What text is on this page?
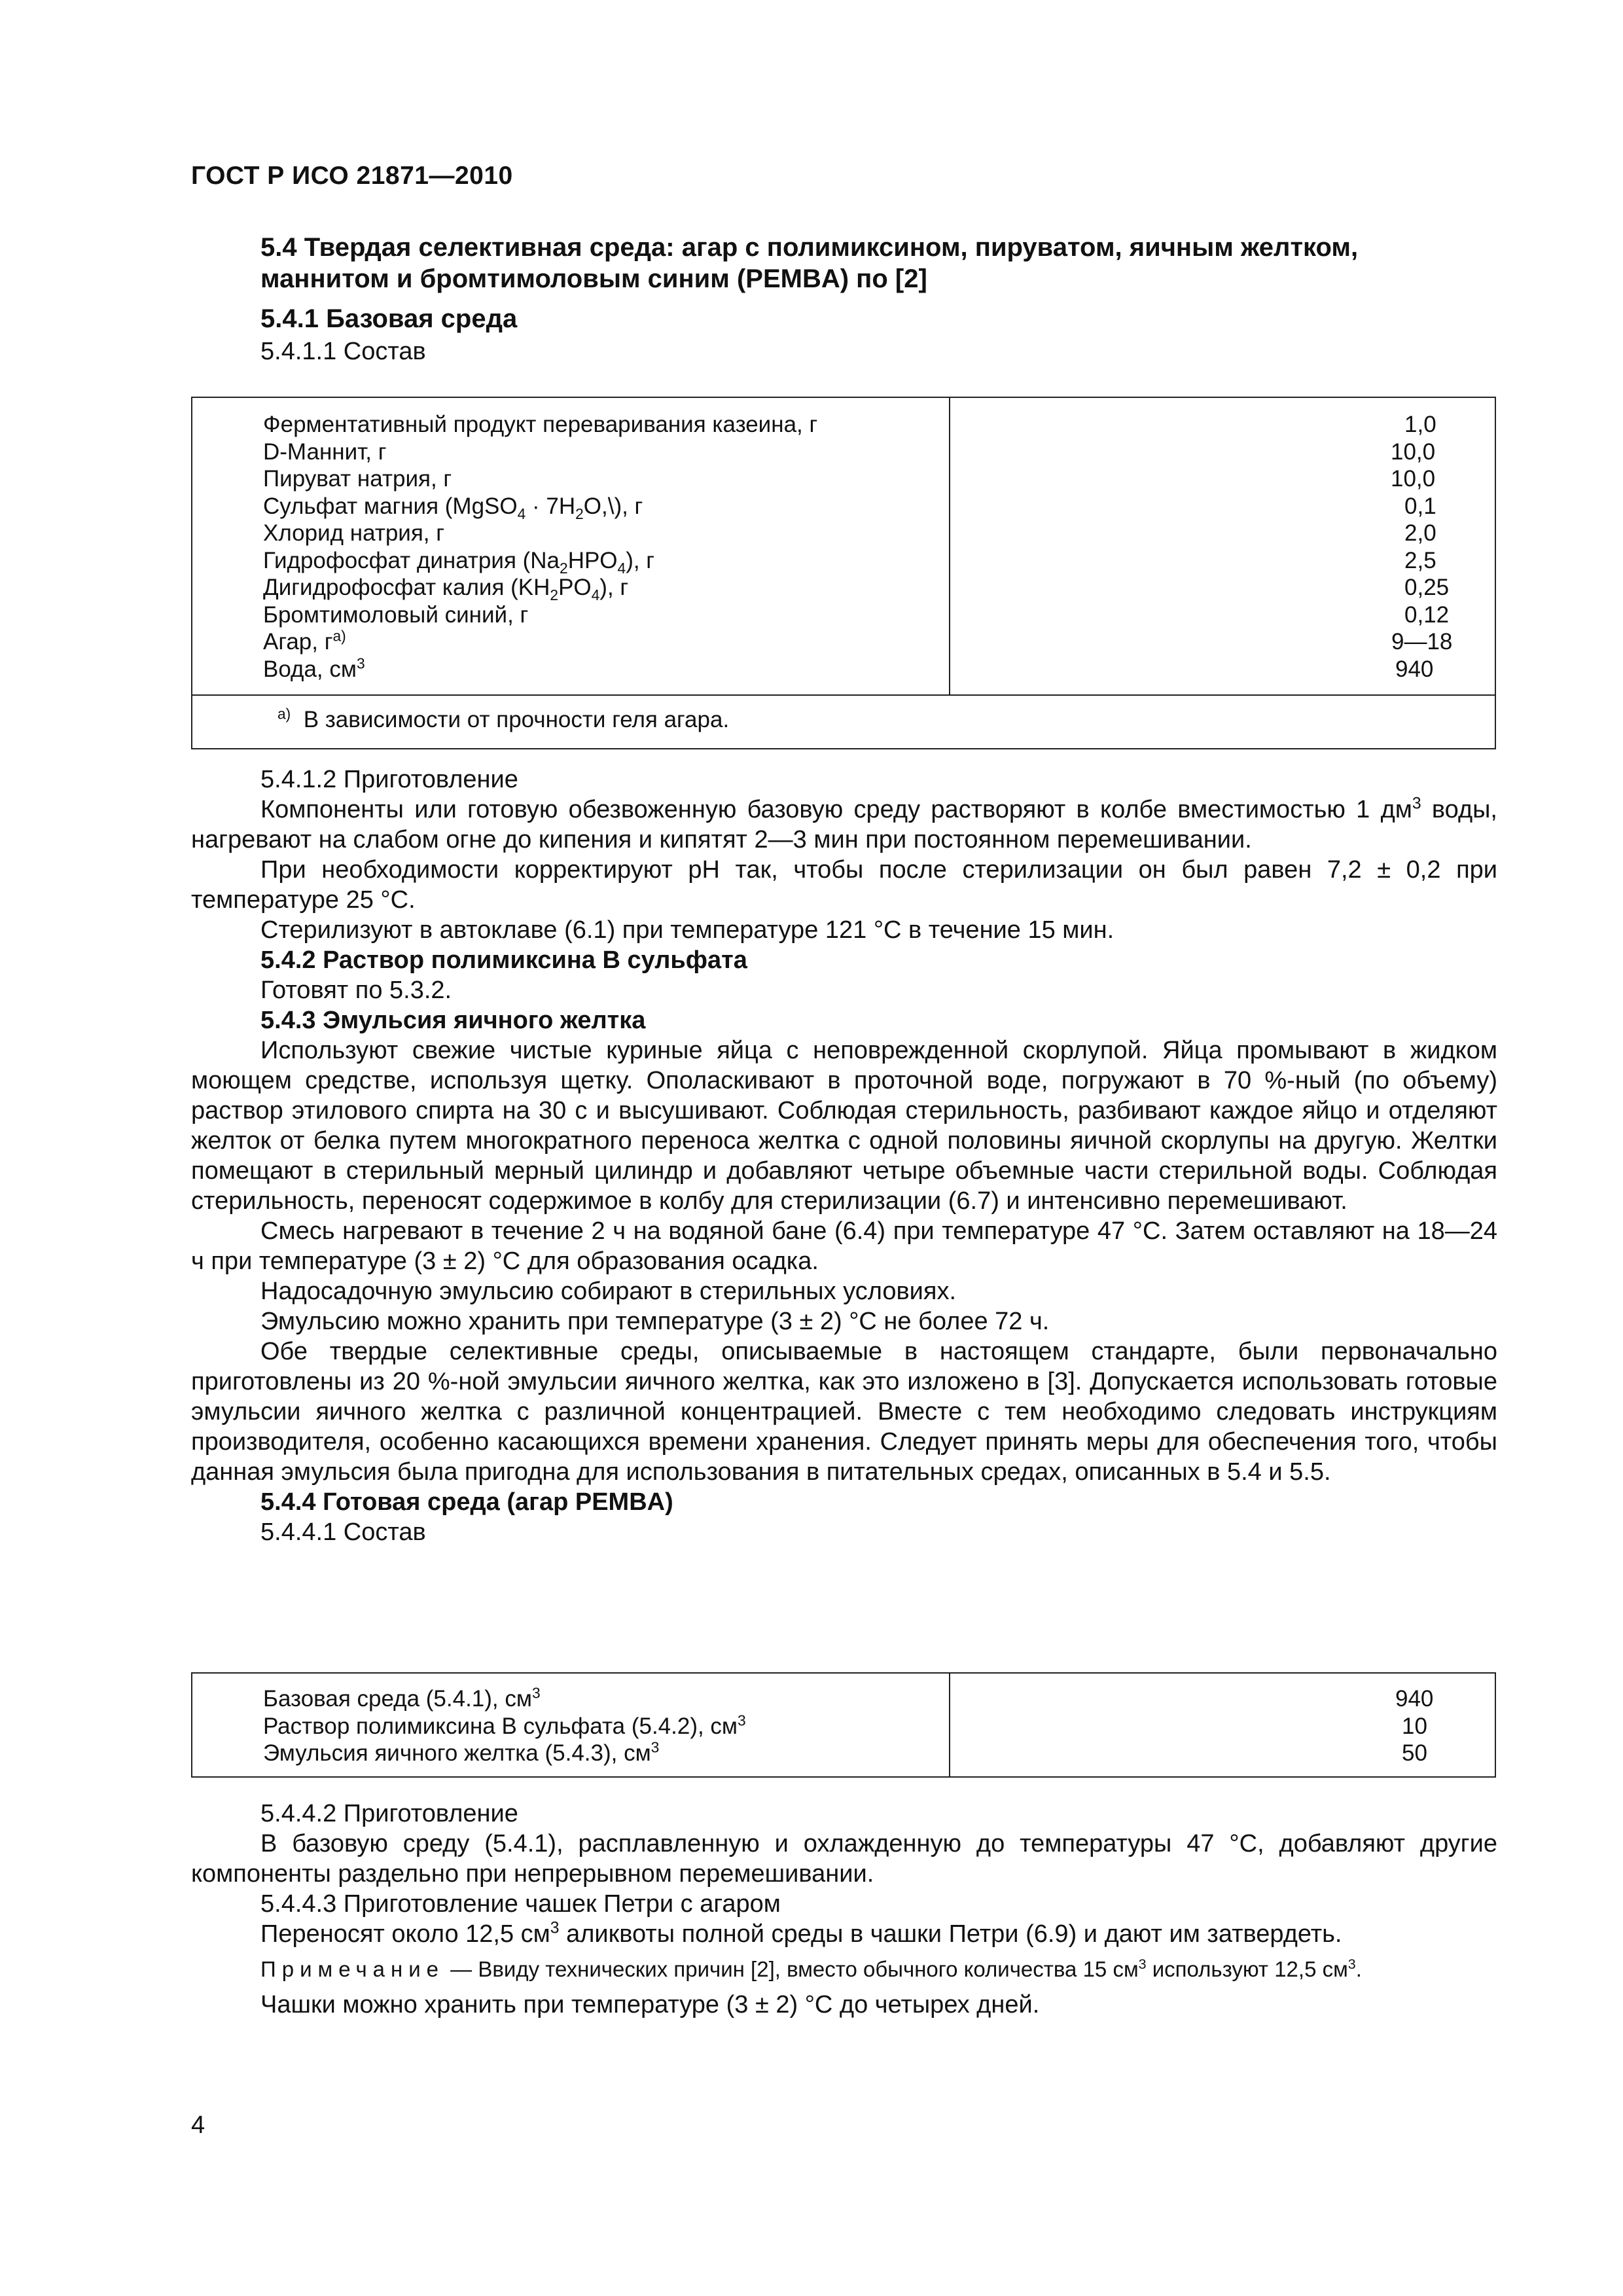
ГОСТ Р ИСО 21871—2010
5.4 Твердая селективная среда: агар с полимиксином, пируватом, яичным желтком, маннитом и бромтимоловым синим (PEMBA) по [2]
5.4.1 Базовая среда
5.4.1.1 Состав
Ферментативный продукт переваривания казеина, г
D-Маннит, г
Пируват натрия, г
Сульфат магния (MgSO$_4$ · $7H_2O,\backslash$), г
Хлорид натрия, г
Гидрофосфат динатрия $(Na_2HPO_4)$, г
Дигидрофосфат калия $(KH_2PO_4)$, г
Бромтимоловый синий, г
Агар, $г^{a)}$
Вода, $см^3$
1,0
10,0
10,0
0,1
2,0
2,5
0,25
0,12
9—18
940
$^{a)}$ В зависимости от прочности геля агара.

5.4.1.2 Приготовление

Компоненты или готовую обезвоженную базовую среду растворяют в колбе вместимостью 1 $дм^3$ воды, нагревают на слабом огне до кипения и кипятят 2—3 мин при постоянном перемешивании.

При необходимости корректируют pH так, чтобы после стерилизации он был равен 7,2 ± 0,2 при температуре 25 °С.

Стерилизуют в автоклаве (6.1) при температуре 121 °С в течение 15 мин.

5.4.2 Раствор полимиксина В сульфата

Готовят по 5.3.2.

5.4.3 Эмульсия яичного желтка

Используют свежие чистые куриные яйца с неповрежденной скорлупой. Яйца промывают в жидком моющем средстве, используя щетку. Ополаскивают в проточной воде, погружают в 70 %-ный (по объему) раствор этилового спирта на 30 с и высушивают. Соблюдая стерильность, разбивают каждое яйцо и отделяют желток от белка путем многократного переноса желтка с одной половины яичной скорлупы на другую. Желтки помещают в стерильный мерный цилиндр и добавляют четыре объемные части стерильной воды. Соблюдая стерильность, переносят содержимое в колбу для стерилизации (6.7) и интенсивно перемешивают.

Смесь нагревают в течение 2 ч на водяной бане (6.4) при температуре 47 °С. Затем оставляют на 18—24 ч при температуре (3 ± 2) °С для образования осадка.

Надосадочную эмульсию собирают в стерильных условиях.

Эмульсию можно хранить при температуре (3 ± 2) °С не более 72 ч.

Обе твердые селективные среды, описываемые в настоящем стандарте, были первоначально приготовлены из 20 %-ной эмульсии яичного желтка, как это изложено в [3]. Допускается использовать готовые эмульсии яичного желтка с различной концентрацией. Вместе с тем необходимо следовать инструкциям производителя, особенно касающихся времени хранения. Следует принять меры для обеспечения того, чтобы данная эмульсия была пригодна для использования в питательных средах, описанных в 5.4 и 5.5.

5.4.4 Готовая среда (агар PEMBA)

5.4.4.1 Состав

Базовая среда (5.4.1), $см^3$
Раствор полимиксина В сульфата (5.4.2), $см^3$
Эмульсия яичного желтка (5.4.3), $см^3$
940
10
50

5.4.4.2 Приготовление

В базовую среду (5.4.1), расплавленную и охлажденную до температуры 47 °С, добавляют другие компоненты раздельно при непрерывном перемешивании.

5.4.4.3 Приготовление чашек Петри с агаром

Переносят около 12,5 $см^3$ аликвоты полной среды в чашки Петри (6.9) и дают им затвердеть.

Примечание — Ввиду технических причин [2], вместо обычного количества 15 $см^3$ используют 12,5 $см^3$.

Чашки можно хранить при температуре (3 ± 2) °С до четырех дней.

4
